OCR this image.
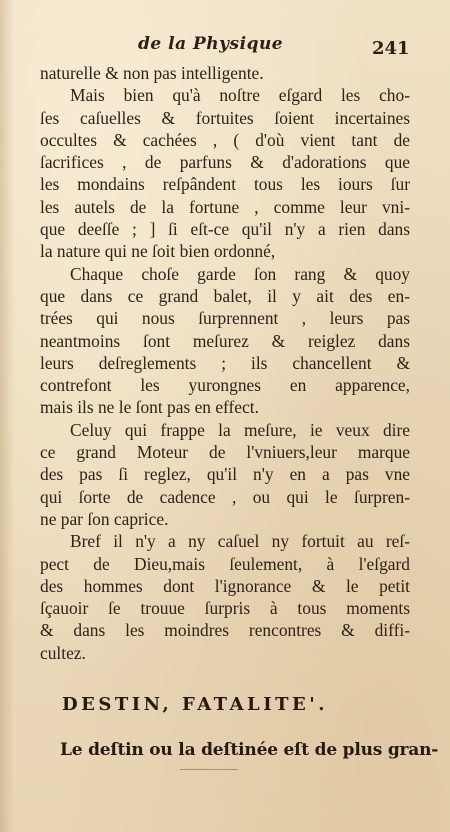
de la Physique	241
naturelle & non pas intelligente.
Mais bien qu'à noſtre eſgard les cho-
ſes caſuelles & fortuites ſoient incertaines
occultes & cachées , ( d'où vient tant de
ſacrifices , de parfuns & d'adorations que
les mondains reſpândent tous les iours ſur
les autels de la fortune , comme leur vni-
que deeſſe ; ] ſi eſt-ce qu'il n'y a rien dans
la nature qui ne ſoit bien ordonné,
Chaque choſe garde ſon rang & quoy
que dans ce grand balet, il y ait des en-
trées qui nous ſurprennent , leurs pas
neantmoins ſont meſurez & reiglez dans
leurs deſreglements ; ils chancellent &
contrefont les yurongnes en apparence,
mais ils ne le ſont pas en effect.
Celuy qui frappe la meſure, ie veux dire
ce grand Moteur de l'vniuers,leur marque
des pas ſi reglez, qu'il n'y en a pas vne
qui ſorte de cadence , ou qui le ſurpren-
ne par ſon caprice.
Bref il n'y a ny caſuel ny fortuit au reſ-
pect de Dieu,mais ſeulement, à l'eſgard
des hommes dont l'ignorance & le petit
ſçauoir ſe trouue ſurpris à tous moments
& dans les moindres rencontres & diffi-
cultez.
DESTIN, FATALITE'.
Le deſtin ou la deſtinée eſt de plus gran-
